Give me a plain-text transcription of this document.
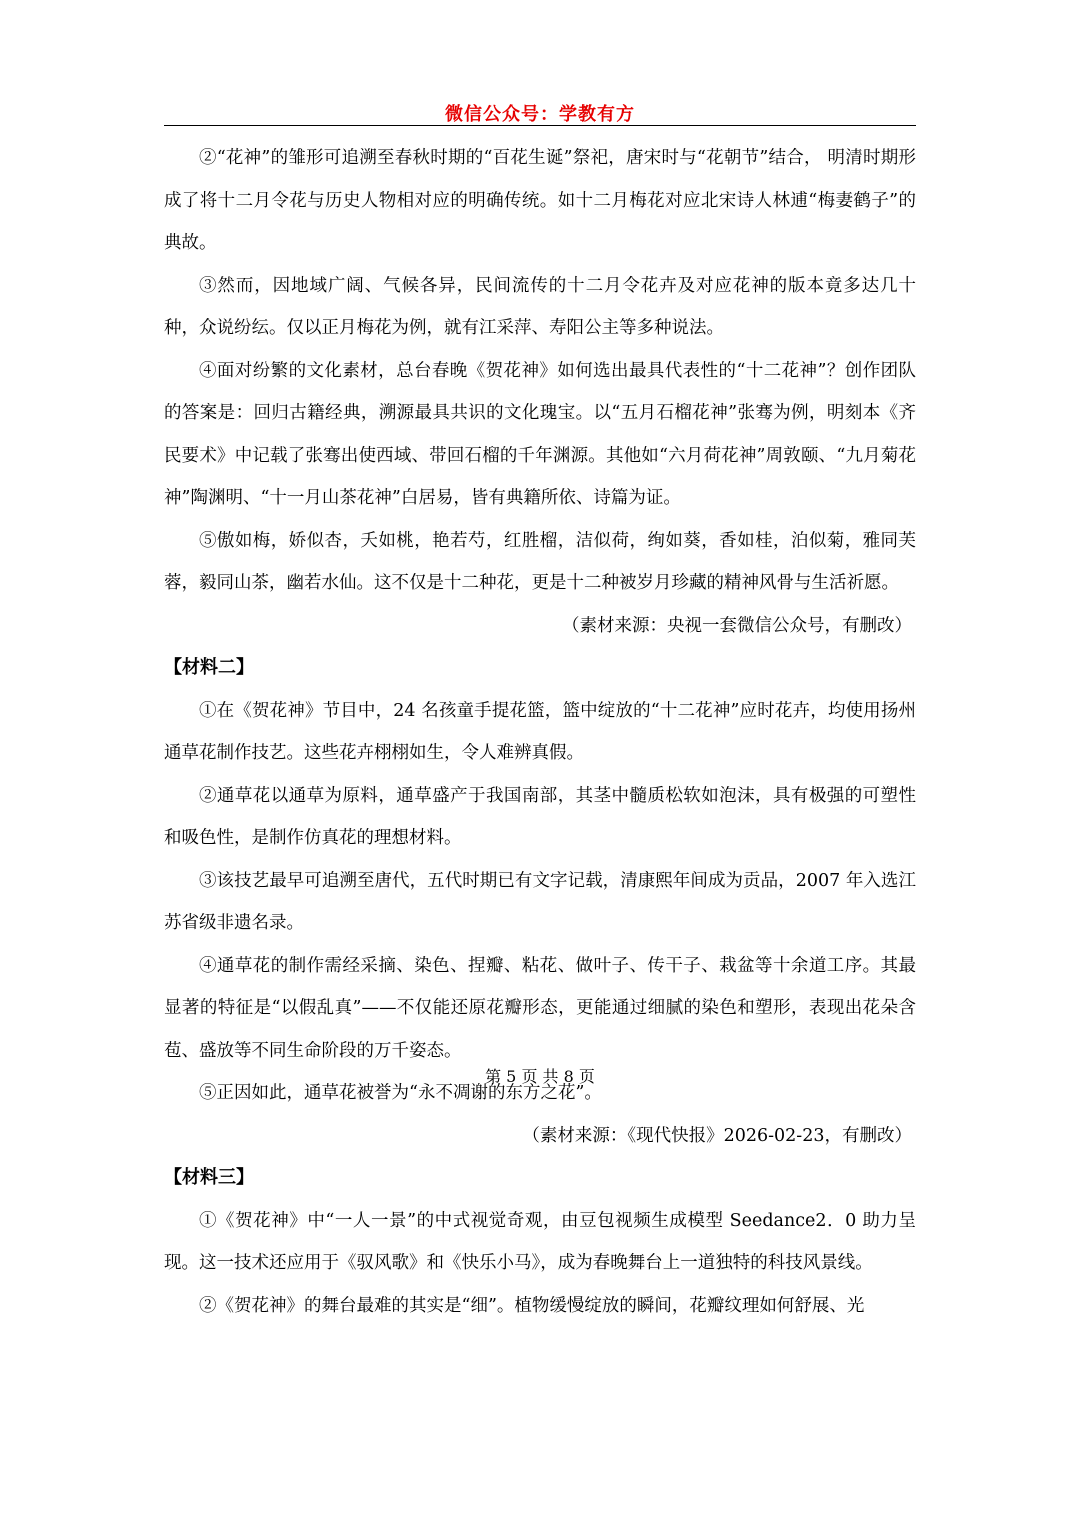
微信公众号：学教有方

②“花神”的雏形可追溯至春秋时期的“百花生诞”祭祀，唐宋时与“花朝节”结合， 明清时期形成了将十二月令花与历史人物相对应的明确传统。如十二月梅花对应北宋诗人林逋“梅妻鹤子”的典故。

③然而，因地域广阔、气候各异，民间流传的十二月令花卉及对应花神的版本竟多达几十种，众说纷纭。仅以正月梅花为例，就有江采萍、寿阳公主等多种说法。

④面对纷繁的文化素材，总台春晚《贺花神》如何选出最具代表性的“十二花神”？创作团队的答案是：回归古籍经典，溯源最具共识的文化瑰宝。以“五月石榴花神”张骞为例，明刻本《齐民要术》中记载了张骞出使西域、带回石榴的千年渊源。其他如“六月荷花神”周敦颐、“九月菊花神”陶渊明、“十一月山茶花神”白居易，皆有典籍所依、诗篇为证。

⑤傲如梅，娇似杏，夭如桃，艳若芍，红胜榴，洁似荷，绚如葵，香如桂，泊似菊，雅同芙蓉，毅同山茶，幽若水仙。这不仅是十二种花，更是十二种被岁月珍藏的精神风骨与生活祈愿。

（素材来源：央视一套微信公众号，有删改）

【材料二】

①在《贺花神》节目中，24 名孩童手提花篮，篮中绽放的“十二花神”应时花卉，均使用扬州通草花制作技艺。这些花卉栩栩如生，令人难辨真假。

②通草花以通草为原料，通草盛产于我国南部，其茎中髓质松软如泡沫，具有极强的可塑性和吸色性，是制作仿真花的理想材料。

③该技艺最早可追溯至唐代，五代时期已有文字记载，清康熙年间成为贡品，2007 年入选江苏省级非遗名录。

④通草花的制作需经采摘、染色、捏瓣、粘花、做叶子、传干子、栽盆等十余道工序。其最显著的特征是“以假乱真”——不仅能还原花瓣形态，更能通过细腻的染色和塑形，表现出花朵含苞、盛放等不同生命阶段的万千姿态。

⑤正因如此，通草花被誉为“永不凋谢的东方之花”。

（素材来源：《现代快报》2026-02-23，有删改）

【材料三】

①《贺花神》中“一人一景”的中式视觉奇观，由豆包视频生成模型 Seedance2．0 助力呈现。这一技术还应用于《驭风歌》和《快乐小马》，成为春晚舞台上一道独特的科技风景线。

②《贺花神》的舞台最难的其实是“细”。植物缓慢绽放的瞬间，花瓣纹理如何舒展、光

第 5 页 共 8 页
